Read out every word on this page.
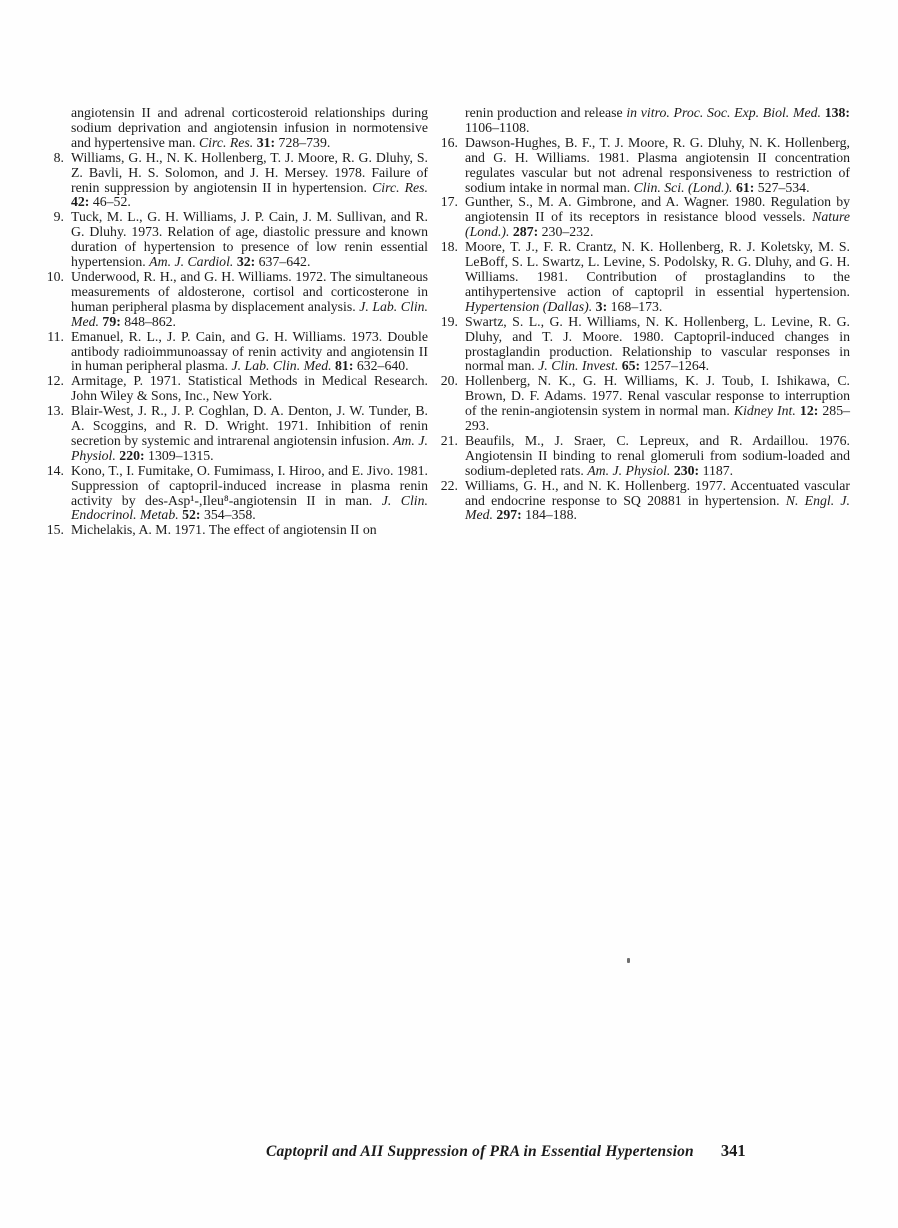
angiotensin II and adrenal corticosteroid relationships during sodium deprivation and angiotensin infusion in normotensive and hypertensive man. Circ. Res. 31: 728–739.
8. Williams, G. H., N. K. Hollenberg, T. J. Moore, R. G. Dluhy, S. Z. Bavli, H. S. Solomon, and J. H. Mersey. 1978. Failure of renin suppression by angiotensin II in hypertension. Circ. Res. 42: 46–52.
9. Tuck, M. L., G. H. Williams, J. P. Cain, J. M. Sullivan, and R. G. Dluhy. 1973. Relation of age, diastolic pressure and known duration of hypertension to presence of low renin essential hypertension. Am. J. Cardiol. 32: 637–642.
10. Underwood, R. H., and G. H. Williams. 1972. The simultaneous measurements of aldosterone, cortisol and corticosterone in human peripheral plasma by displacement analysis. J. Lab. Clin. Med. 79: 848–862.
11. Emanuel, R. L., J. P. Cain, and G. H. Williams. 1973. Double antibody radioimmunoassay of renin activity and angiotensin II in human peripheral plasma. J. Lab. Clin. Med. 81: 632–640.
12. Armitage, P. 1971. Statistical Methods in Medical Research. John Wiley & Sons, Inc., New York.
13. Blair-West, J. R., J. P. Coghlan, D. A. Denton, J. W. Tunder, B. A. Scoggins, and R. D. Wright. 1971. Inhibition of renin secretion by systemic and intrarenal angiotensin infusion. Am. J. Physiol. 220: 1309–1315.
14. Kono, T., I. Fumitake, O. Fumimass, I. Hiroo, and E. Jivo. 1981. Suppression of captopril-induced increase in plasma renin activity by des-Asp¹-,Ileu⁸-angiotensin II in man. J. Clin. Endocrinol. Metab. 52: 354–358.
15. Michelakis, A. M. 1971. The effect of angiotensin II on
renin production and release in vitro. Proc. Soc. Exp. Biol. Med. 138: 1106–1108.
16. Dawson-Hughes, B. F., T. J. Moore, R. G. Dluhy, N. K. Hollenberg, and G. H. Williams. 1981. Plasma angiotensin II concentration regulates vascular but not adrenal responsiveness to restriction of sodium intake in normal man. Clin. Sci. (Lond.). 61: 527–534.
17. Gunther, S., M. A. Gimbrone, and A. Wagner. 1980. Regulation by angiotensin II of its receptors in resistance blood vessels. Nature (Lond.). 287: 230–232.
18. Moore, T. J., F. R. Crantz, N. K. Hollenberg, R. J. Koletsky, M. S. LeBoff, S. L. Swartz, L. Levine, S. Podolsky, R. G. Dluhy, and G. H. Williams. 1981. Contribution of prostaglandins to the antihypertensive action of captopril in essential hypertension. Hypertension (Dallas). 3: 168–173.
19. Swartz, S. L., G. H. Williams, N. K. Hollenberg, L. Levine, R. G. Dluhy, and T. J. Moore. 1980. Captopril-induced changes in prostaglandin production. Relationship to vascular responses in normal man. J. Clin. Invest. 65: 1257–1264.
20. Hollenberg, N. K., G. H. Williams, K. J. Toub, I. Ishikawa, C. Brown, D. F. Adams. 1977. Renal vascular response to interruption of the renin-angiotensin system in normal man. Kidney Int. 12: 285–293.
21. Beaufils, M., J. Sraer, C. Lepreux, and R. Ardaillou. 1976. Angiotensin II binding to renal glomeruli from sodium-loaded and sodium-depleted rats. Am. J. Physiol. 230: 1187.
22. Williams, G. H., and N. K. Hollenberg. 1977. Accentuated vascular and endocrine response to SQ 20881 in hypertension. N. Engl. J. Med. 297: 184–188.
Captopril and AII Suppression of PRA in Essential Hypertension 341
